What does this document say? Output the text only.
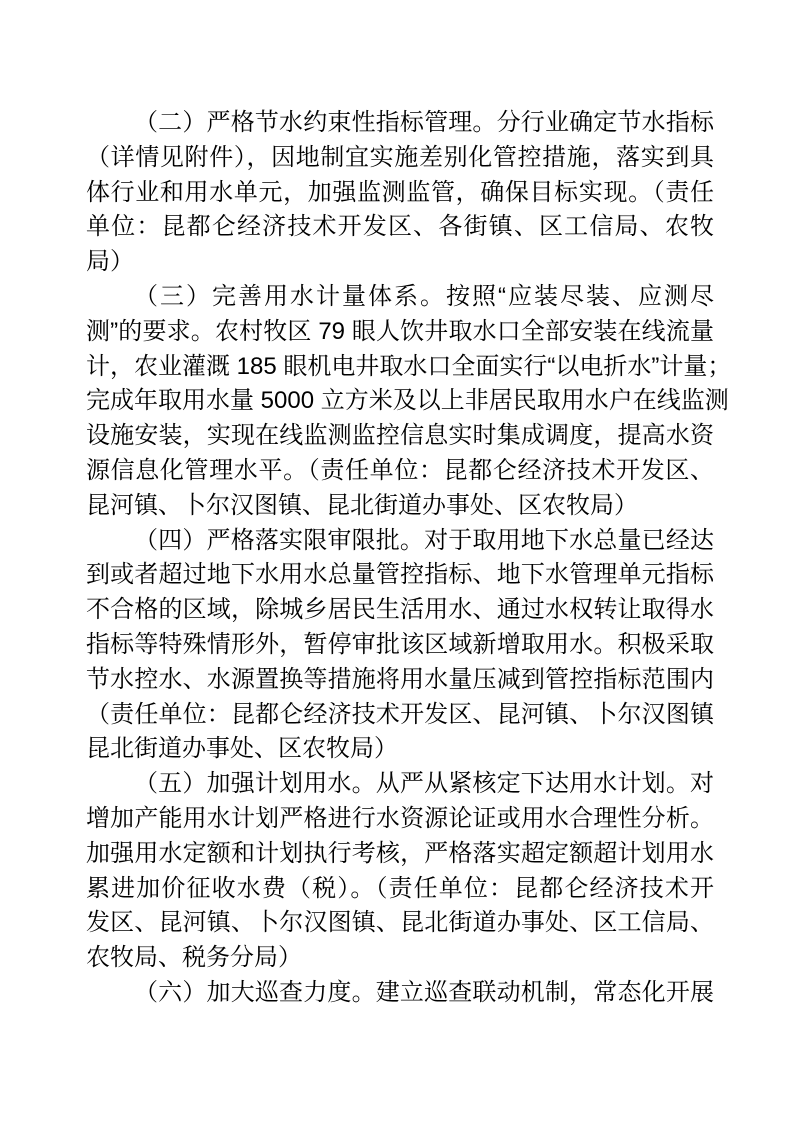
（二）严格节水约束性指标管理。分行业确定节水指标
（详情见附件），因地制宜实施差别化管控措施，落实到具
体行业和用水单元，加强监测监管，确保目标实现。（责任
单位：昆都仑经济技术开发区、各街镇、区工信局、农牧
局）
（三）完善用水计量体系。按照“应装尽装、应测尽
测”的要求。农村牧区 79 眼人饮井取水口全部安装在线流量
计，农业灌溉 185 眼机电井取水口全面实行“以电折水”计量；
完成年取用水量 5000 立方米及以上非居民取用水户在线监测
设施安装，实现在线监测监控信息实时集成调度，提高水资
源信息化管理水平。（责任单位：昆都仑经济技术开发区、
昆河镇、卜尔汉图镇、昆北街道办事处、区农牧局）
（四）严格落实限审限批。对于取用地下水总量已经达
到或者超过地下水用水总量管控指标、地下水管理单元指标
不合格的区域，除城乡居民生活用水、通过水权转让取得水
指标等特殊情形外，暂停审批该区域新增取用水。积极采取
节水控水、水源置换等措施将用水量压减到管控指标范围内
（责任单位：昆都仑经济技术开发区、昆河镇、卜尔汉图镇
昆北街道办事处、区农牧局）
（五）加强计划用水。从严从紧核定下达用水计划。对
增加产能用水计划严格进行水资源论证或用水合理性分析。
加强用水定额和计划执行考核，严格落实超定额超计划用水
累进加价征收水费（税）。（责任单位：昆都仑经济技术开
发区、昆河镇、卜尔汉图镇、昆北街道办事处、区工信局、
农牧局、税务分局）
（六）加大巡查力度。建立巡查联动机制，常态化开展
